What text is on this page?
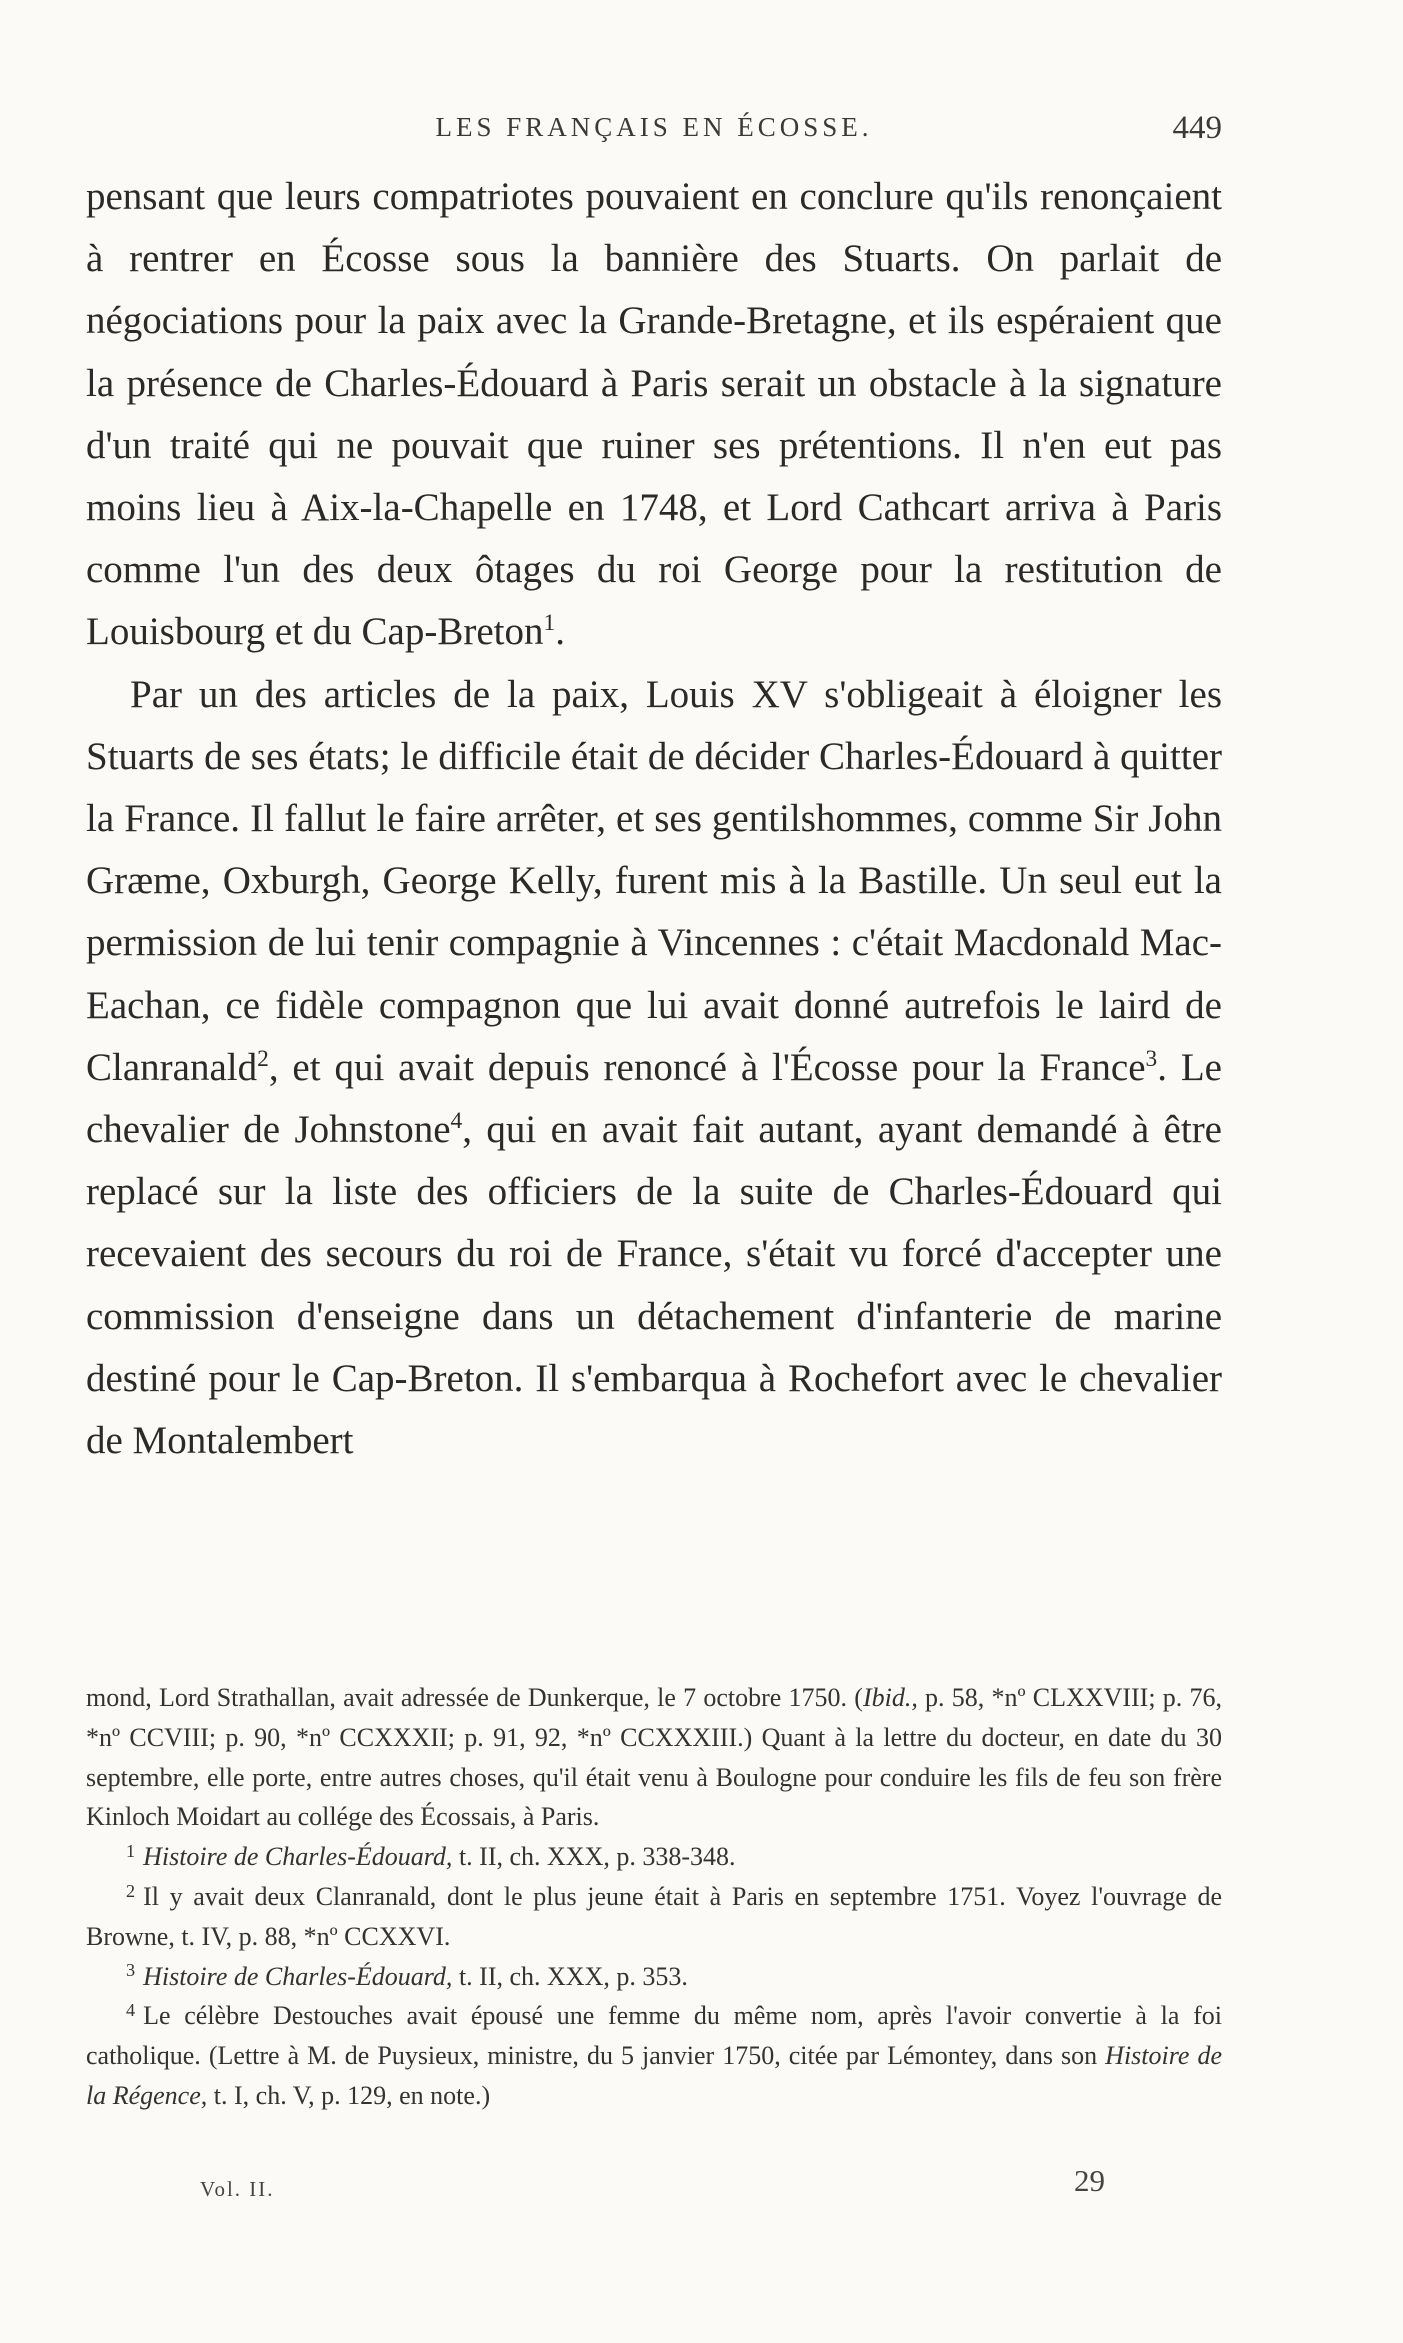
LES FRANÇAIS EN ÉCOSSE.	449

pensant que leurs compatriotes pouvaient en conclure qu'ils renonçaient à rentrer en Écosse sous la bannière des Stuarts. On parlait de négociations pour la paix avec la Grande-Bretagne, et ils espéraient que la présence de Charles-Édouard à Paris serait un obstacle à la signature d'un traité qui ne pouvait que ruiner ses prétentions. Il n'en eut pas moins lieu à Aix-la-Chapelle en 1748, et Lord Cathcart arriva à Paris comme l'un des deux ôtages du roi George pour la restitution de Louisbourg et du Cap-Breton$^1$.

Par un des articles de la paix, Louis XV s'obligeait à éloigner les Stuarts de ses états; le difficile était de décider Charles-Édouard à quitter la France. Il fallut le faire arrêter, et ses gentilshommes, comme Sir John Græme, Oxburgh, George Kelly, furent mis à la Bastille. Un seul eut la permission de lui tenir compagnie à Vincennes : c'était Macdonald Mac-Eachan, ce fidèle compagnon que lui avait donné autrefois le laird de Clanranald$^2$, et qui avait depuis renoncé à l'Écosse pour la France$^3$. Le chevalier de Johnstone$^4$, qui en avait fait autant, ayant demandé à être replacé sur la liste des officiers de la suite de Charles-Édouard qui recevaient des secours du roi de France, s'était vu forcé d'accepter une commission d'enseigne dans un détachement d'infanterie de marine destiné pour le Cap-Breton. Il s'embarqua à Rochefort avec le chevalier de Montalembert

mond, Lord Strathallan, avait adressée de Dunkerque, le 7 octobre 1750. (Ibid., p. 58, *nº CLXXVIII; p. 76, *nº CCVIII; p. 90, *nº CCXXXII; p. 91, 92, *nº CCXXXIII.) Quant à la lettre du docteur, en date du 30 septembre, elle porte, entre autres choses, qu'il était venu à Boulogne pour conduire les fils de feu son frère Kinloch Moidart au collége des Écossais, à Paris.

$^1$ Histoire de Charles-Édouard, t. II, ch. XXX, p. 338-348.

$^2$ Il y avait deux Clanranald, dont le plus jeune était à Paris en septembre 1751. Voyez l'ouvrage de Browne, t. IV, p. 88, *nº CCXXVI.

$^3$ Histoire de Charles-Édouard, t. II, ch. XXX, p. 353.

$^4$ Le célèbre Destouches avait épousé une femme du même nom, après l'avoir convertie à la foi catholique. (Lettre à M. de Puysieux, ministre, du 5 janvier 1750, citée par Lémontey, dans son Histoire de la Régence, t. I, ch. V, p. 129, en note.)

Vol. II.	29
